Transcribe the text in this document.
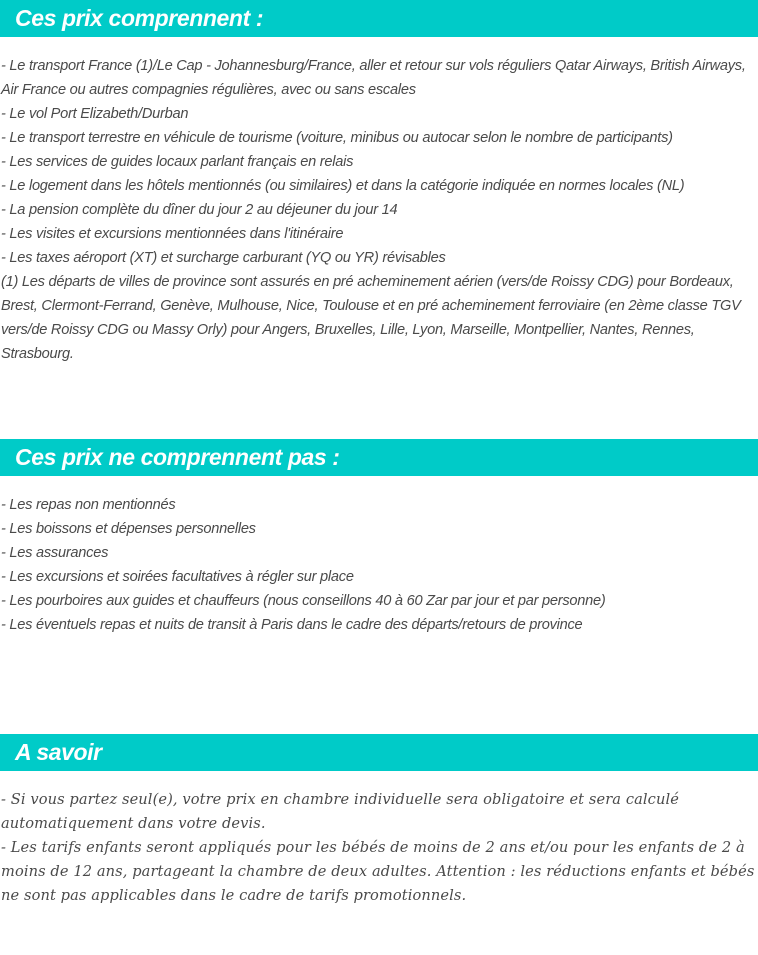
Ces prix comprennent :
- Le transport France (1)/Le Cap - Johannesburg/France, aller et retour sur vols réguliers Qatar Airways, British Airways, Air France ou autres compagnies régulières, avec ou sans escales
- Le vol Port Elizabeth/Durban
- Le transport terrestre en véhicule de tourisme (voiture, minibus ou autocar selon le nombre de participants)
- Les services de guides locaux parlant français en relais
- Le logement dans les hôtels mentionnés (ou similaires) et dans la catégorie indiquée en normes locales (NL)
- La pension complète du dîner du jour 2 au déjeuner du jour 14
- Les visites et excursions mentionnées dans l'itinéraire
- Les taxes aéroport (XT) et surcharge carburant (YQ ou YR) révisables
(1) Les départs de villes de province sont assurés en pré acheminement aérien (vers/de Roissy CDG) pour Bordeaux, Brest, Clermont-Ferrand, Genève, Mulhouse, Nice, Toulouse et en pré acheminement ferroviaire (en 2ème classe TGV vers/de Roissy CDG ou Massy Orly) pour Angers, Bruxelles, Lille, Lyon, Marseille, Montpellier, Nantes, Rennes, Strasbourg.
Ces prix ne comprennent pas :
- Les repas non mentionnés
- Les boissons et dépenses personnelles
- Les assurances
- Les excursions et soirées facultatives à régler sur place
- Les pourboires aux guides et chauffeurs (nous conseillons 40 à 60 Zar par jour et par personne)
- Les éventuels repas et nuits de transit à Paris dans le cadre des départs/retours de province
A savoir
- Si vous partez seul(e), votre prix en chambre individuelle sera obligatoire et sera calculé automatiquement dans votre devis.
- Les tarifs enfants seront appliqués pour les bébés de moins de 2 ans et/ou pour les enfants de 2 à moins de 12 ans, partageant la chambre de deux adultes. Attention : les réductions enfants et bébés ne sont pas applicables dans le cadre de tarifs promotionnels.
